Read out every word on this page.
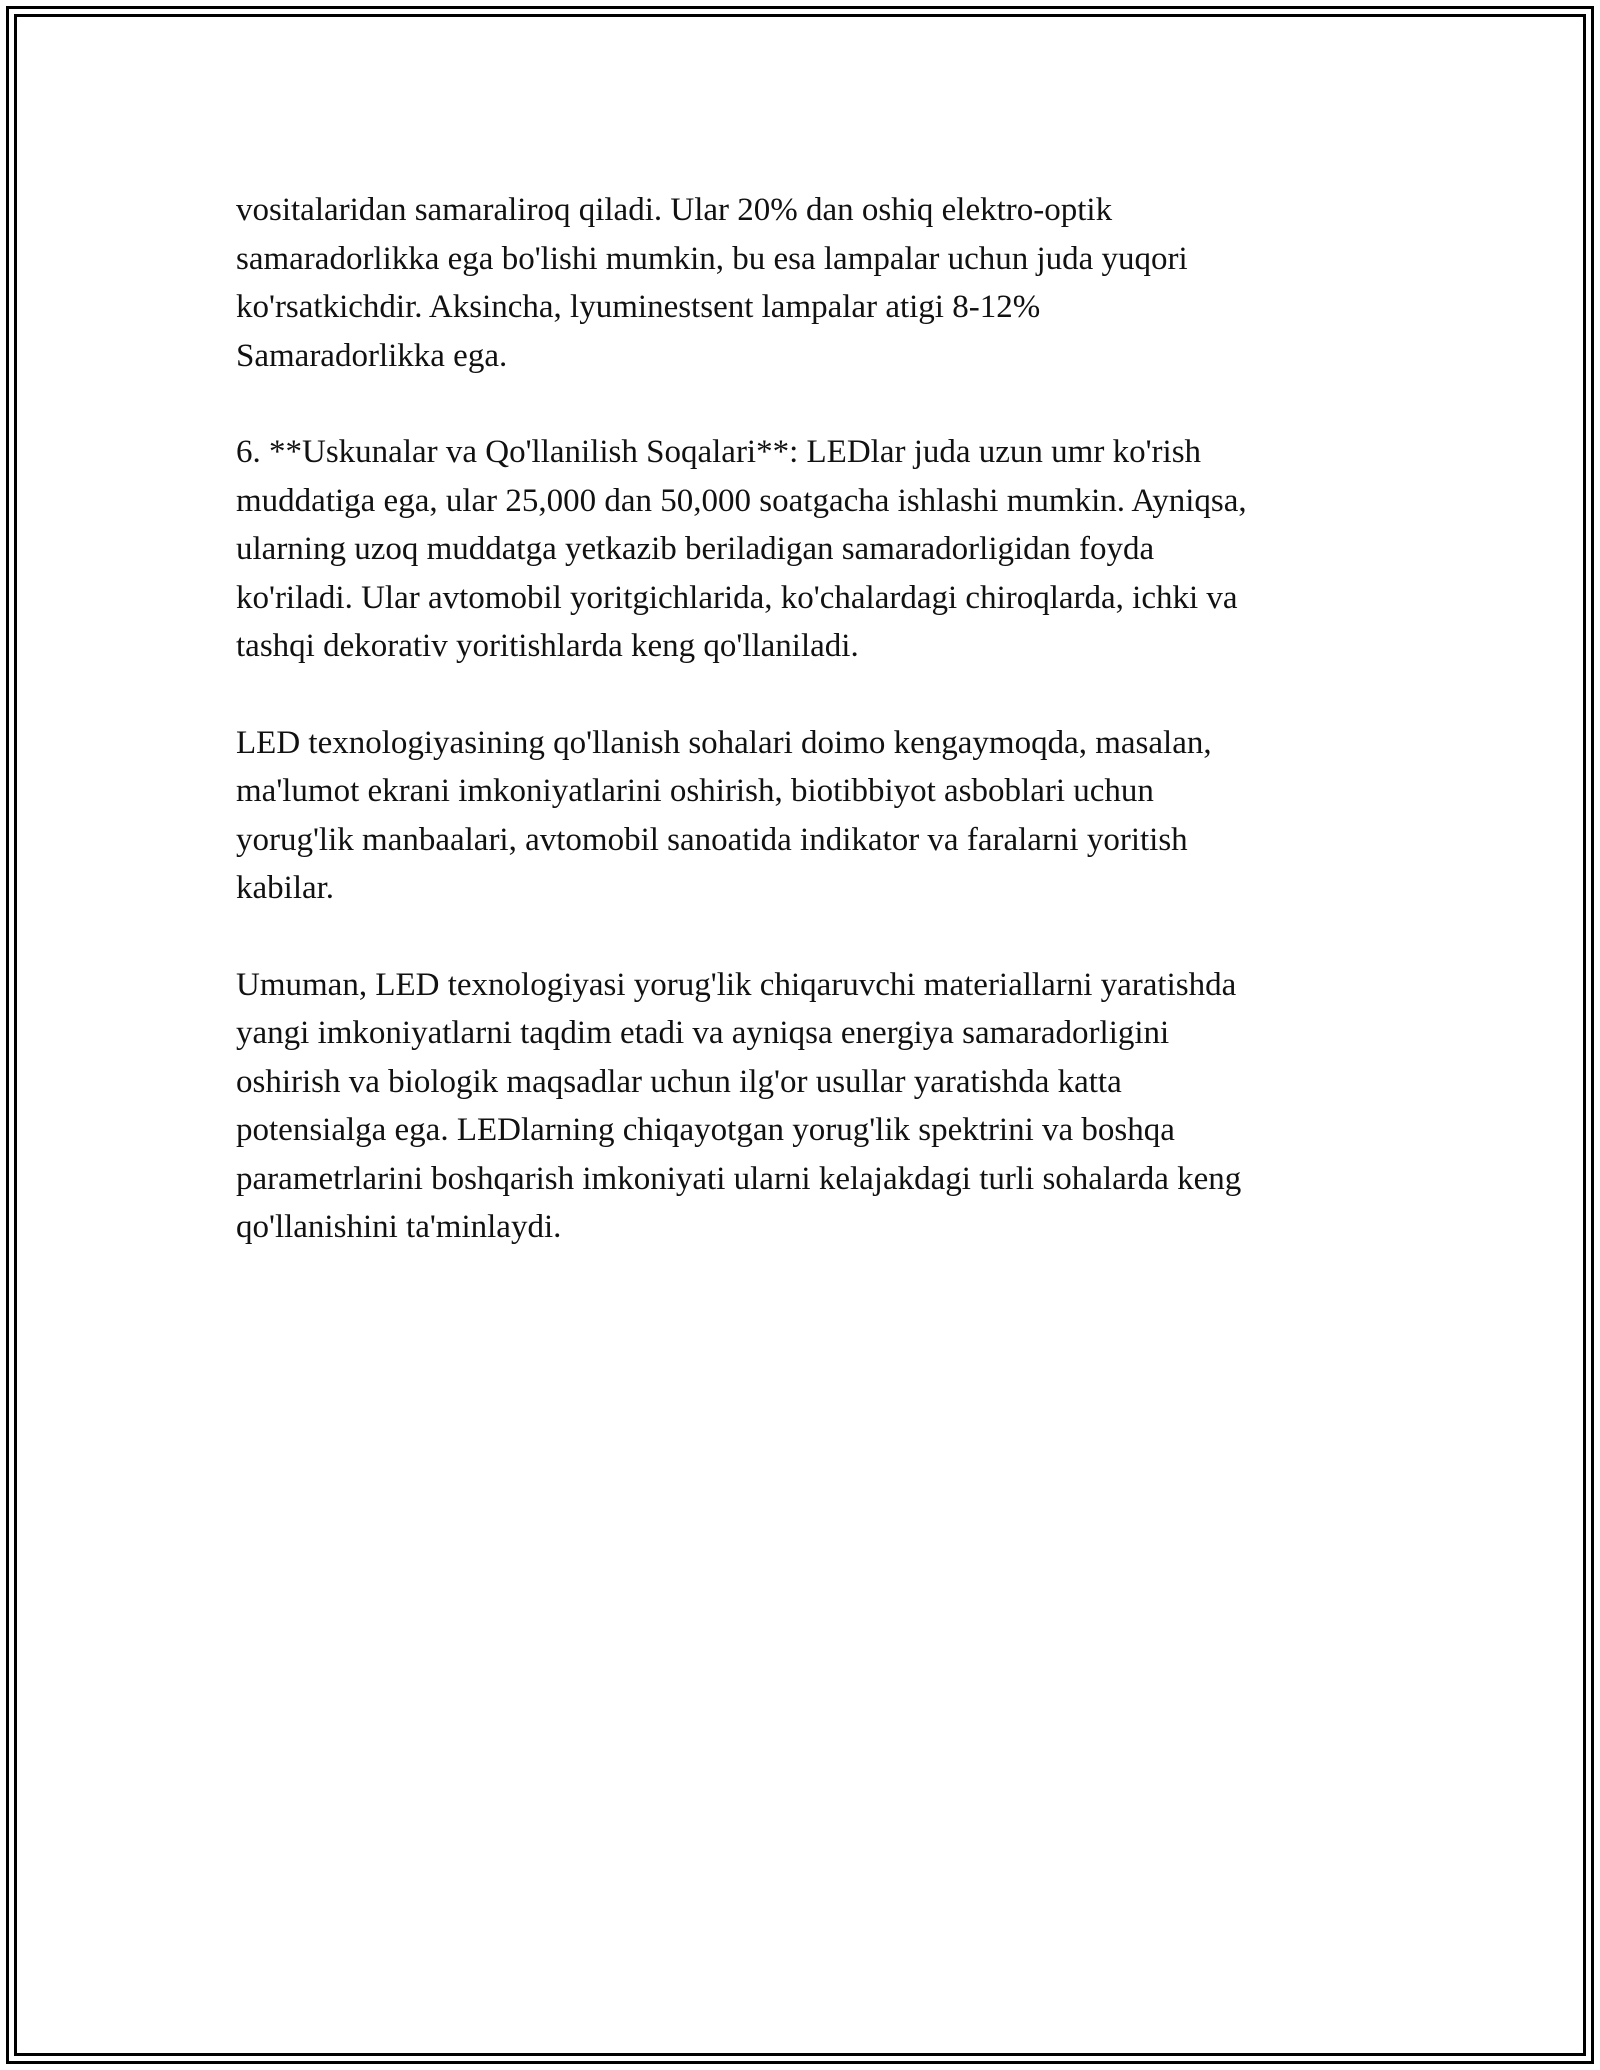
vositalaridan samaraliroq qiladi. Ular 20% dan oshiq elektro-optik
samaradorlikka ega bo'lishi mumkin, bu esa lampalar uchun juda yuqori
ko'rsatkichdir. Aksincha, lyuminestsent lampalar atigi 8-12%
Samaradorlikka ega.

6. **Uskunalar va Qo'llanilish Soqalari**: LEDlar juda uzun umr ko'rish
muddatiga ega, ular 25,000 dan 50,000 soatgacha ishlashi mumkin. Ayniqsa,
ularning uzoq muddatga yetkazib beriladigan samaradorligidan foyda
ko'riladi. Ular avtomobil yoritgichlarida, ko'chalardagi chiroqlarda, ichki va
tashqi dekorativ yoritishlarda keng qo'llaniladi.

LED texnologiyasining qo'llanish sohalari doimo kengaymoqda, masalan,
ma'lumot ekrani imkoniyatlarini oshirish, biotibbiyot asboblari uchun
yorug'lik manbaalari, avtomobil sanoatida indikator va faralarni yoritish
kabilar.

Umuman, LED texnologiyasi yorug'lik chiqaruvchi materiallarni yaratishda
yangi imkoniyatlarni taqdim etadi va ayniqsa energiya samaradorligini
oshirish va biologik maqsadlar uchun ilg'or usullar yaratishda katta
potensialga ega. LEDlarning chiqayotgan yorug'lik spektrini va boshqa
parametrlarini boshqarish imkoniyati ularni kelajakdagi turli sohalarda keng
qo'llanishini ta'minlaydi.
